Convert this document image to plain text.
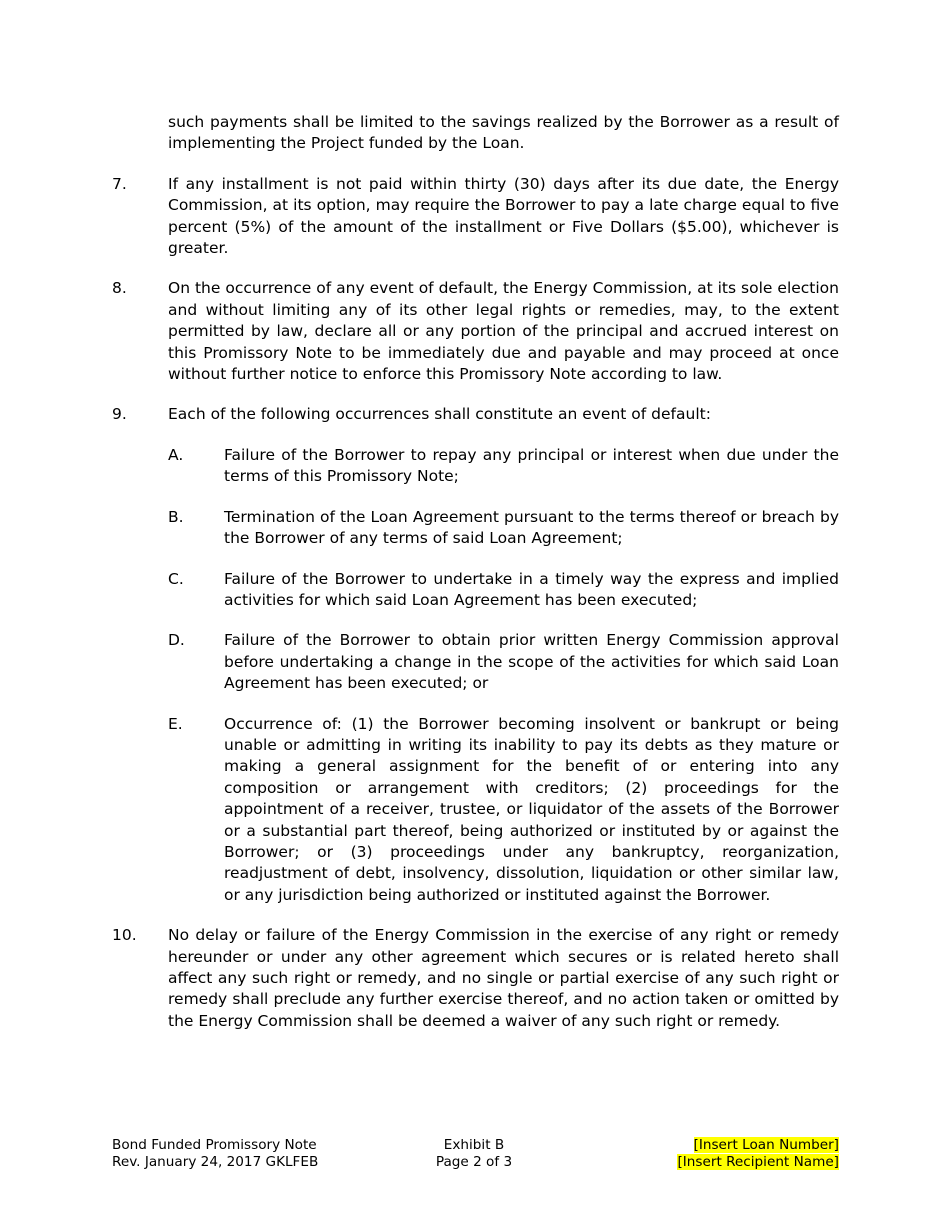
such payments shall be limited to the savings realized by the Borrower as a result of implementing the Project funded by the Loan.

7.	If any installment is not paid within thirty (30) days after its due date, the Energy Commission, at its option, may require the Borrower to pay a late charge equal to five percent (5%) of the amount of the installment or Five Dollars ($5.00), whichever is greater.
8.	On the occurrence of any event of default, the Energy Commission, at its sole election and without limiting any of its other legal rights or remedies, may, to the extent permitted by law, declare all or any portion of the principal and accrued interest on this Promissory Note to be immediately due and payable and may proceed at once without further notice to enforce this Promissory Note according to law.
9.	Each of the following occurrences shall constitute an event of default:
A.	Failure of the Borrower to repay any principal or interest when due under the terms of this Promissory Note;
B.	Termination of the Loan Agreement pursuant to the terms thereof or breach by the Borrower of any terms of said Loan Agreement;
C.	Failure of the Borrower to undertake in a timely way the express and implied activities for which said Loan Agreement has been executed;
D.	Failure of the Borrower to obtain prior written Energy Commission approval before undertaking a change in the scope of the activities for which said Loan Agreement has been executed; or
E.	Occurrence of: (1) the Borrower becoming insolvent or bankrupt or being unable or admitting in writing its inability to pay its debts as they mature or making a general assignment for the benefit of or entering into any composition or arrangement with creditors; (2) proceedings for the appointment of a receiver, trustee, or liquidator of the assets of the Borrower or a substantial part thereof, being authorized or instituted by or against the Borrower; or (3) proceedings under any bankruptcy, reorganization, readjustment of debt, insolvency, dissolution, liquidation or other similar law, or any jurisdiction being authorized or instituted against the Borrower.
10.	No delay or failure of the Energy Commission in the exercise of any right or remedy hereunder or under any other agreement which secures or is related hereto shall affect any such right or remedy, and no single or partial exercise of any such right or remedy shall preclude any further exercise thereof, and no action taken or omitted by the Energy Commission shall be deemed a waiver of any such right or remedy.
Bond Funded Promissory Note
Rev. January 24, 2017 GKLFEB
Exhibit B
Page 2 of 3
[Insert Loan Number]
[Insert Recipient Name]
